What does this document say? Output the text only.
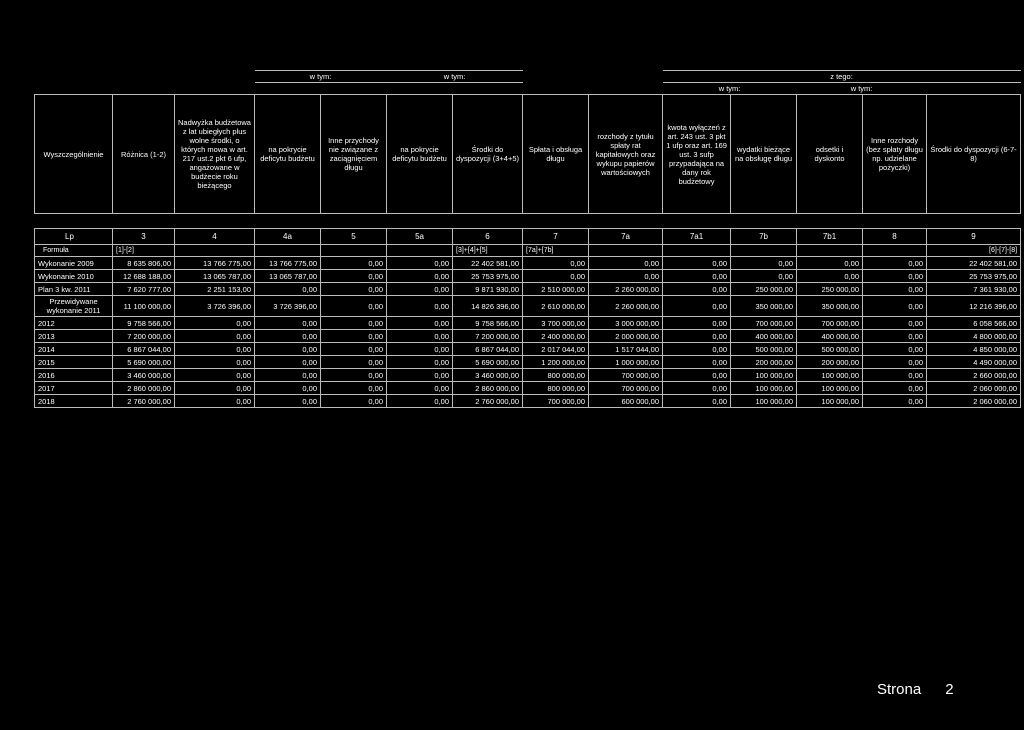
			w tym:		w tym:				z tego:				
									w tym:		w tym:		
Wyszczególnienie	Różnica (1-2)	Nadwyżka budżetowa z lat ubiegłych plus wolne środki, o których mowa w art. 217 ust.2 pkt 6 ufp, angażowane w budżecie roku bieżącego	na pokrycie deficytu budżetu	Inne przychody nie związane z zaciągnięciem długu	na pokrycie deficytu budżetu	Środki do dyspozycji (3+4+5)	Spłata i obsługa długu	rozchody z tytułu spłaty rat kapitałowych oraz wykupu papierów wartościowych	kwota wyłączeń z art. 243 ust. 3 pkt 1 ufp oraz art. 169 ust. 3 sufp przypadająca na dany rok budżetowy	wydatki bieżące na obsługę długu	odsetki i dyskonto	Inne rozchody (bez spłaty długu np. udzielane pożyczki)	Środki do dyspozycji (6-7-8)

Lp	3	4	4a	5	5a	6	7	7a	7a1	7b	7b1	8	9
Formuła	[1]-[2]					[3]+[4]+[5]	[7a]+[7b]						[6]-[7]-[8]
Wykonanie 2009	8 635 806,00	13 766 775,00	13 766 775,00	0,00	0,00	22 402 581,00	0,00	0,00	0,00	0,00	0,00	0,00	22 402 581,00
Wykonanie 2010	12 688 188,00	13 065 787,00	13 065 787,00	0,00	0,00	25 753 975,00	0,00	0,00	0,00	0,00	0,00	0,00	25 753 975,00
Plan 3 kw. 2011	7 620 777,00	2 251 153,00	0,00	0,00	0,00	9 871 930,00	2 510 000,00	2 260 000,00	0,00	250 000,00	250 000,00	0,00	7 361 930,00
Przewidywane wykonanie 2011	11 100 000,00	3 726 396,00	3 726 396,00	0,00	0,00	14 826 396,00	2 610 000,00	2 260 000,00	0,00	350 000,00	350 000,00	0,00	12 216 396,00
2012	9 758 566,00	0,00	0,00	0,00	0,00	9 758 566,00	3 700 000,00	3 000 000,00	0,00	700 000,00	700 000,00	0,00	6 058 566,00
2013	7 200 000,00	0,00	0,00	0,00	0,00	7 200 000,00	2 400 000,00	2 000 000,00	0,00	400 000,00	400 000,00	0,00	4 800 000,00
2014	6 867 044,00	0,00	0,00	0,00	0,00	6 867 044,00	2 017 044,00	1 517 044,00	0,00	500 000,00	500 000,00	0,00	4 850 000,00
2015	5 690 000,00	0,00	0,00	0,00	0,00	5 690 000,00	1 200 000,00	1 000 000,00	0,00	200 000,00	200 000,00	0,00	4 490 000,00
2016	3 460 000,00	0,00	0,00	0,00	0,00	3 460 000,00	800 000,00	700 000,00	0,00	100 000,00	100 000,00	0,00	2 660 000,00
2017	2 860 000,00	0,00	0,00	0,00	0,00	2 860 000,00	800 000,00	700 000,00	0,00	100 000,00	100 000,00	0,00	2 060 000,00
2018	2 760 000,00	0,00	0,00	0,00	0,00	2 760 000,00	700 000,00	600 000,00	0,00	100 000,00	100 000,00	0,00	2 060 000,00
Strona 2
